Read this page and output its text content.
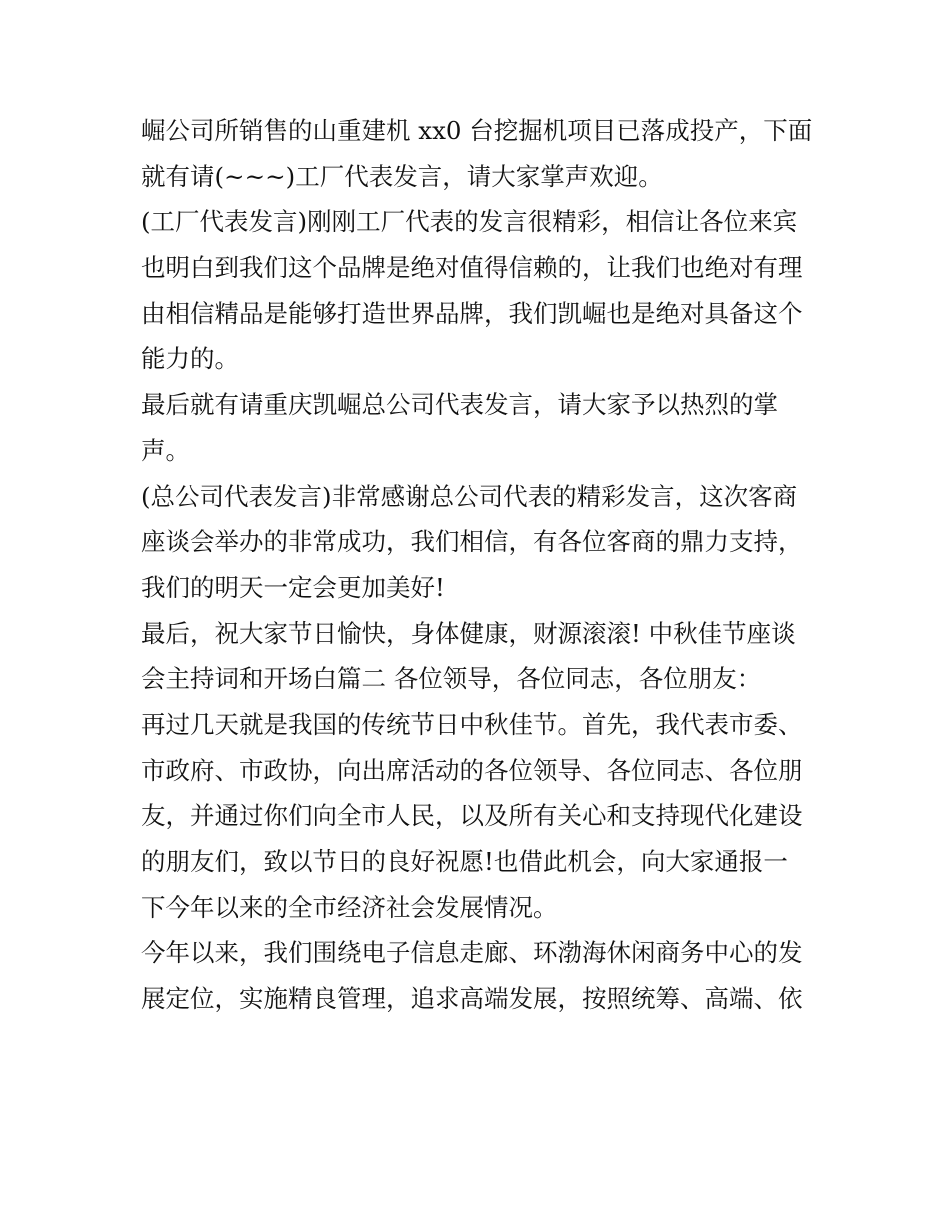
崛公司所销售的山重建机 xx0 台挖掘机项目已落成投产，下面
就有请(~~~)工厂代表发言，请大家掌声欢迎。

(工厂代表发言)刚刚工厂代表的发言很精彩，相信让各位来宾
也明白到我们这个品牌是绝对值得信赖的，让我们也绝对有理
由相信精品是能够打造世界品牌，我们凯崛也是绝对具备这个
能力的。

最后就有请重庆凯崛总公司代表发言，请大家予以热烈的掌
声。

(总公司代表发言)非常感谢总公司代表的精彩发言，这次客商
座谈会举办的非常成功，我们相信，有各位客商的鼎力支持，
我们的明天一定会更加美好!

最后，祝大家节日愉快，身体健康，财源滚滚! 中秋佳节座谈
会主持词和开场白篇二 各位领导，各位同志，各位朋友：

再过几天就是我国的传统节日中秋佳节。首先，我代表市委、
市政府、市政协，向出席活动的各位领导、各位同志、各位朋
友，并通过你们向全市人民，以及所有关心和支持现代化建设
的朋友们，致以节日的良好祝愿!也借此机会，向大家通报一
下今年以来的全市经济社会发展情况。

今年以来，我们围绕电子信息走廊、环渤海休闲商务中心的发
展定位，实施精良管理，追求高端发展，按照统筹、高端、依
